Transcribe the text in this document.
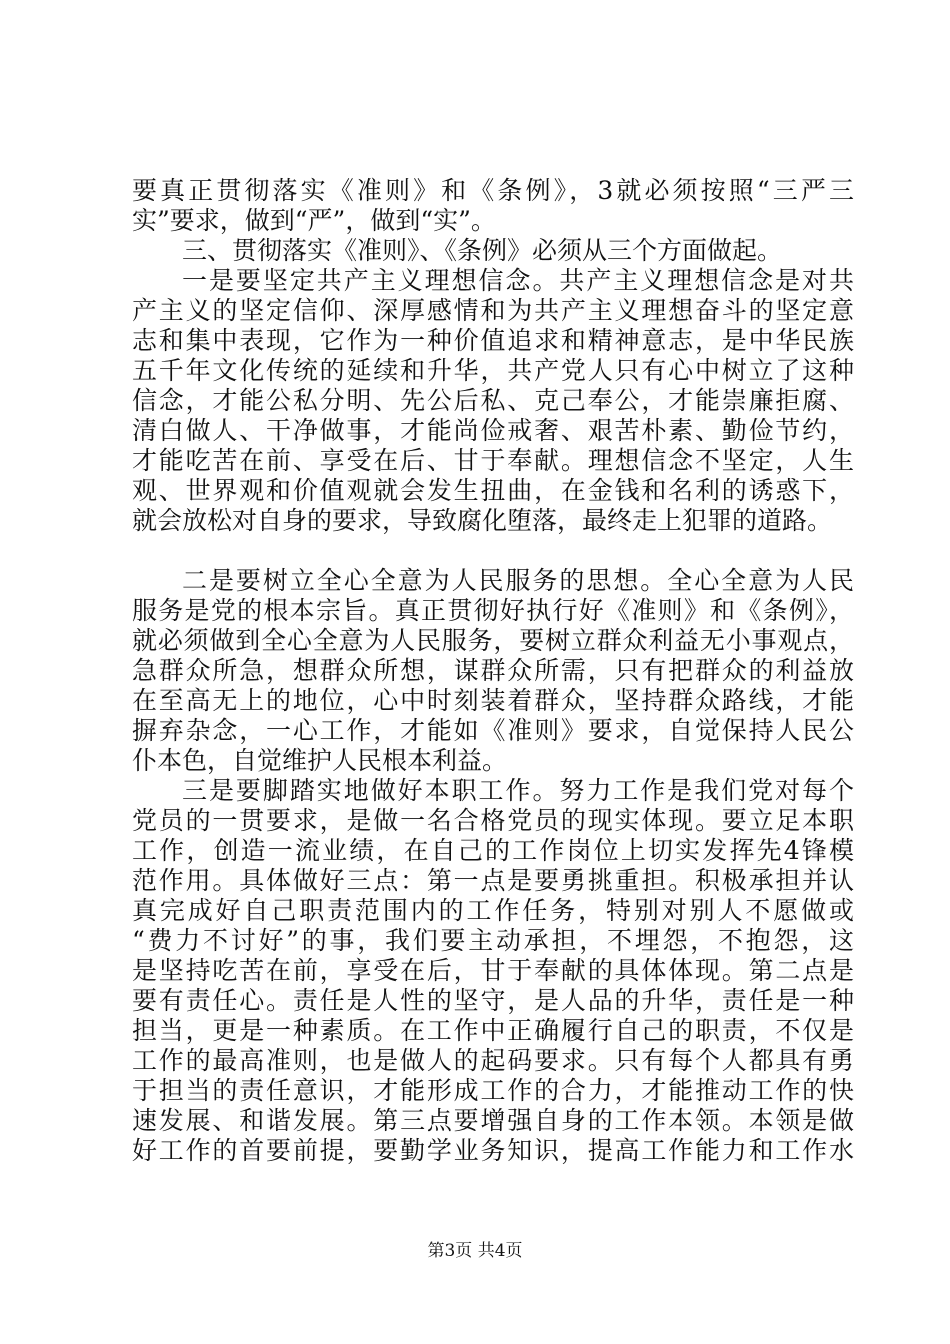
要真正贯彻落实《准则》和《条例》，3就必须按照“三严三
实”要求，做到“严”，做到“实”。
三、贯彻落实《准则》、《条例》必须从三个方面做起。
一是要坚定共产主义理想信念。共产主义理想信念是对共
产主义的坚定信仰、深厚感情和为共产主义理想奋斗的坚定意
志和集中表现，它作为一种价值追求和精神意志，是中华民族
五千年文化传统的延续和升华，共产党人只有心中树立了这种
信念，才能公私分明、先公后私、克己奉公，才能崇廉拒腐、
清白做人、干净做事，才能尚俭戒奢、艰苦朴素、勤俭节约，
才能吃苦在前、享受在后、甘于奉献。理想信念不坚定，人生
观、世界观和价值观就会发生扭曲，在金钱和名利的诱惑下，
就会放松对自身的要求，导致腐化堕落，最终走上犯罪的道路。
二是要树立全心全意为人民服务的思想。全心全意为人民
服务是党的根本宗旨。真正贯彻好执行好《准则》和《条例》，
就必须做到全心全意为人民服务，要树立群众利益无小事观点，
急群众所急，想群众所想，谋群众所需，只有把群众的利益放
在至高无上的地位，心中时刻装着群众，坚持群众路线，才能
摒弃杂念，一心工作，才能如《准则》要求，自觉保持人民公
仆本色，自觉维护人民根本利益。
三是要脚踏实地做好本职工作。努力工作是我们党对每个
党员的一贯要求，是做一名合格党员的现实体现。要立足本职
工作，创造一流业绩，在自己的工作岗位上切实发挥先4锋模
范作用。具体做好三点：第一点是要勇挑重担。积极承担并认
真完成好自己职责范围内的工作任务，特别对别人不愿做或
“费力不讨好”的事，我们要主动承担，不埋怨，不抱怨，这
是坚持吃苦在前，享受在后，甘于奉献的具体体现。第二点是
要有责任心。责任是人性的坚守，是人品的升华，责任是一种
担当，更是一种素质。在工作中正确履行自己的职责，不仅是
工作的最高准则，也是做人的起码要求。只有每个人都具有勇
于担当的责任意识，才能形成工作的合力，才能推动工作的快
速发展、和谐发展。第三点要增强自身的工作本领。本领是做
好工作的首要前提，要勤学业务知识，提高工作能力和工作水
第3页 共4页
